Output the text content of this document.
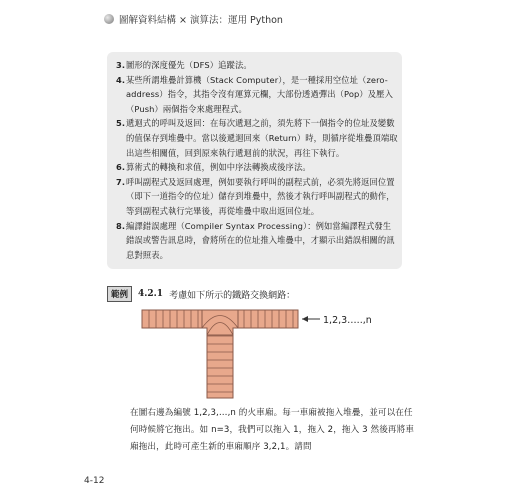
圖解資料結構 × 演算法：運用 Python
3. 圖形的深度優先（DFS）追蹤法。
4. 某些所謂堆疊計算機（Stack Computer），是一種採用空位址（zero-address）指令，其指令沒有運算元欄，大部份透過彈出（Pop）及壓入（Push）兩個指令來處理程式。
5. 遞迴式的呼叫及返回：在每次遞迴之前，須先將下一個指令的位址及變數的值保存到堆疊中。當以後遞迴回來（Return）時，則循序從堆疊頂端取出這些相關值，回到原來執行遞迴前的狀況，再往下執行。
6. 算術式的轉換和求值，例如中序法轉換成後序法。
7. 呼叫副程式及返回處理，例如要執行呼叫的副程式前，必須先將返回位置（即下一道指令的位址）儲存到堆疊中，然後才執行呼叫副程式的動作，等到副程式執行完畢後，再從堆疊中取出返回位址。
8. 編譯錯誤處理（Compiler Syntax Processing）：例如當編譯程式發生錯誤或警告訊息時，會將所在的位址推入堆疊中，才顯示出錯誤相關的訊息對照表。
範例	4.2.1 考慮如下所示的鐵路交換網路：
1,2,3…..,n
在圖右邊為編號 1,2,3,…,n 的火車廂。每一車廂被拖入堆疊，並可以在任何時候將它拖出。如 n=3，我們可以拖入 1，拖入 2，拖入 3 然後再將車廂拖出，此時可產生新的車廂順序 3,2,1。請問
4-12
